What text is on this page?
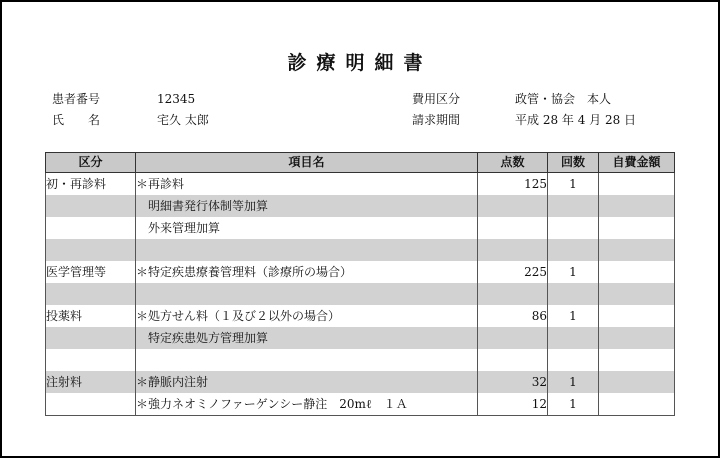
診療明細書
患者番号	12345
氏　　名	宅久 太郎
費用区分	政管・協会　本人
請求期間	平成 28 年 4 月 28 日
区分	項目名	点数	回数	自費金額
初・再診料	＊再診料	125	1	
	　明細書発行体制等加算			
	　外来管理加算			

医学管理等	＊特定疾患療養管理料（診療所の場合）	225	1	

投薬料	＊処方せん料（１及び２以外の場合）	86	1	
	　特定疾患処方管理加算			

注射料	＊静脈内注射	32	1	
	＊強力ネオミノファーゲンシー静注　20mℓ　１Ａ	12	1	
